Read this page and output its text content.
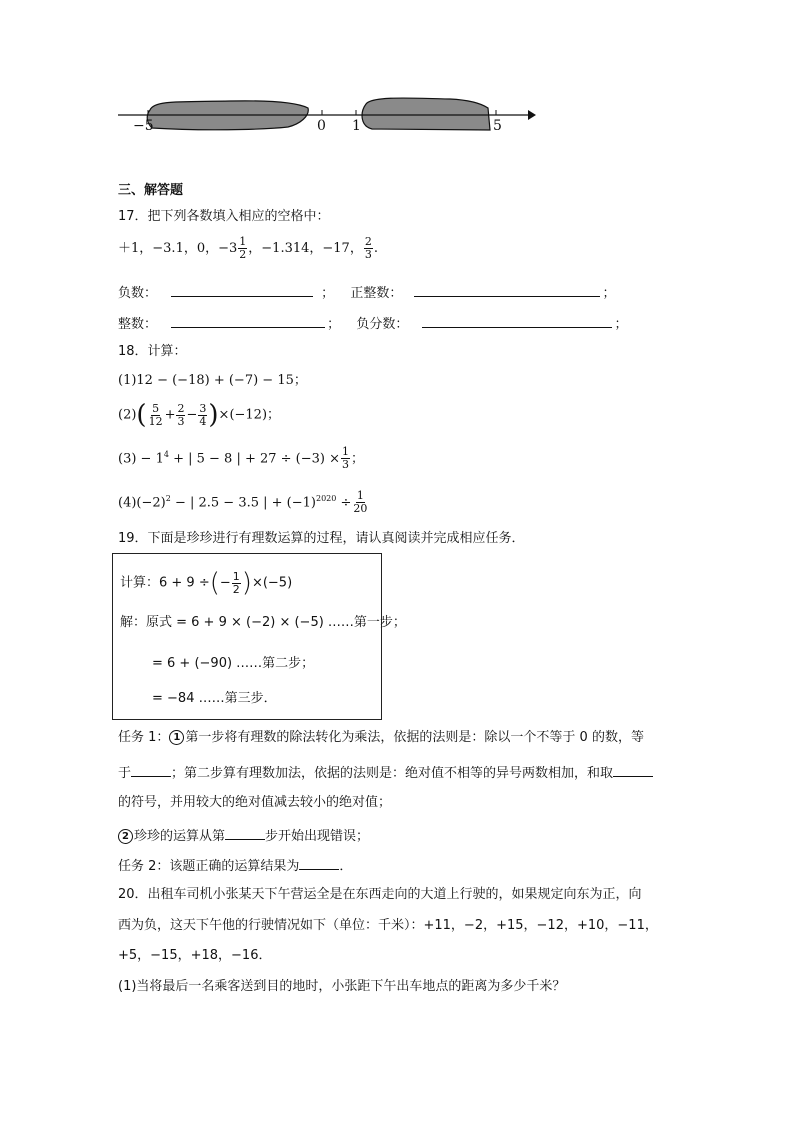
−5	0 1	5
三、解答题
17．把下列各数填入相应的空格中：
＋1，−3.1，0，$-3 \frac{1}{2}$ ，−1.314，−17， $\frac{2}{3}$ .
负数：	； 正整数：	；
整数：	； 负分数：	；
18．计算：
(1)12 − (−18) + (−7) − 15；
$(2)( \frac{5}{12} + \frac{2}{3} - \frac{3}{4} )\times(-12)$；
$(3) - 1^4$ + | 5 − 8 | + $27 \div (-3) \times \frac{1}{3}$ ；
$(4)(-2)^2$ − | 2.5 − 3.5 | + $(-1)^{2020} \div \frac{1}{20}$
19．下面是珍珍进行有理数运算的过程，请认真阅读并完成相应任务．
计算：6 + 9 ÷(− $\frac{1}{2} )\times(-5)$
解：原式 = 6 + 9 × (−2) × (−5) ……第一步；
= 6 + (−90) ……第二步；
= −84 ……第三步．
任务 1： 1 第一步将有理数的除法转化为乘法，依据的法则是：除以一个不等于 0 的数，等
于	；第二步算有理数加法，依据的法则是：绝对值不相等的异号两数相加，和取
的符号，并用较大的绝对值减去较小的绝对值；
2 珍珍的运算从第	步开始出现错误；
任务 2：该题正确的运算结果为	．
20．出租车司机小张某天下午营运全是在东西走向的大道上行驶的，如果规定向东为正，向
西为负，这天下午他的行驶情况如下（单位：千米）：+11，−2，+15，−12，+10，−11，
+5，−15，+18，−16．
(1)当将最后一名乘客送到目的地时，小张距下午出车地点的距离为多少千米？
